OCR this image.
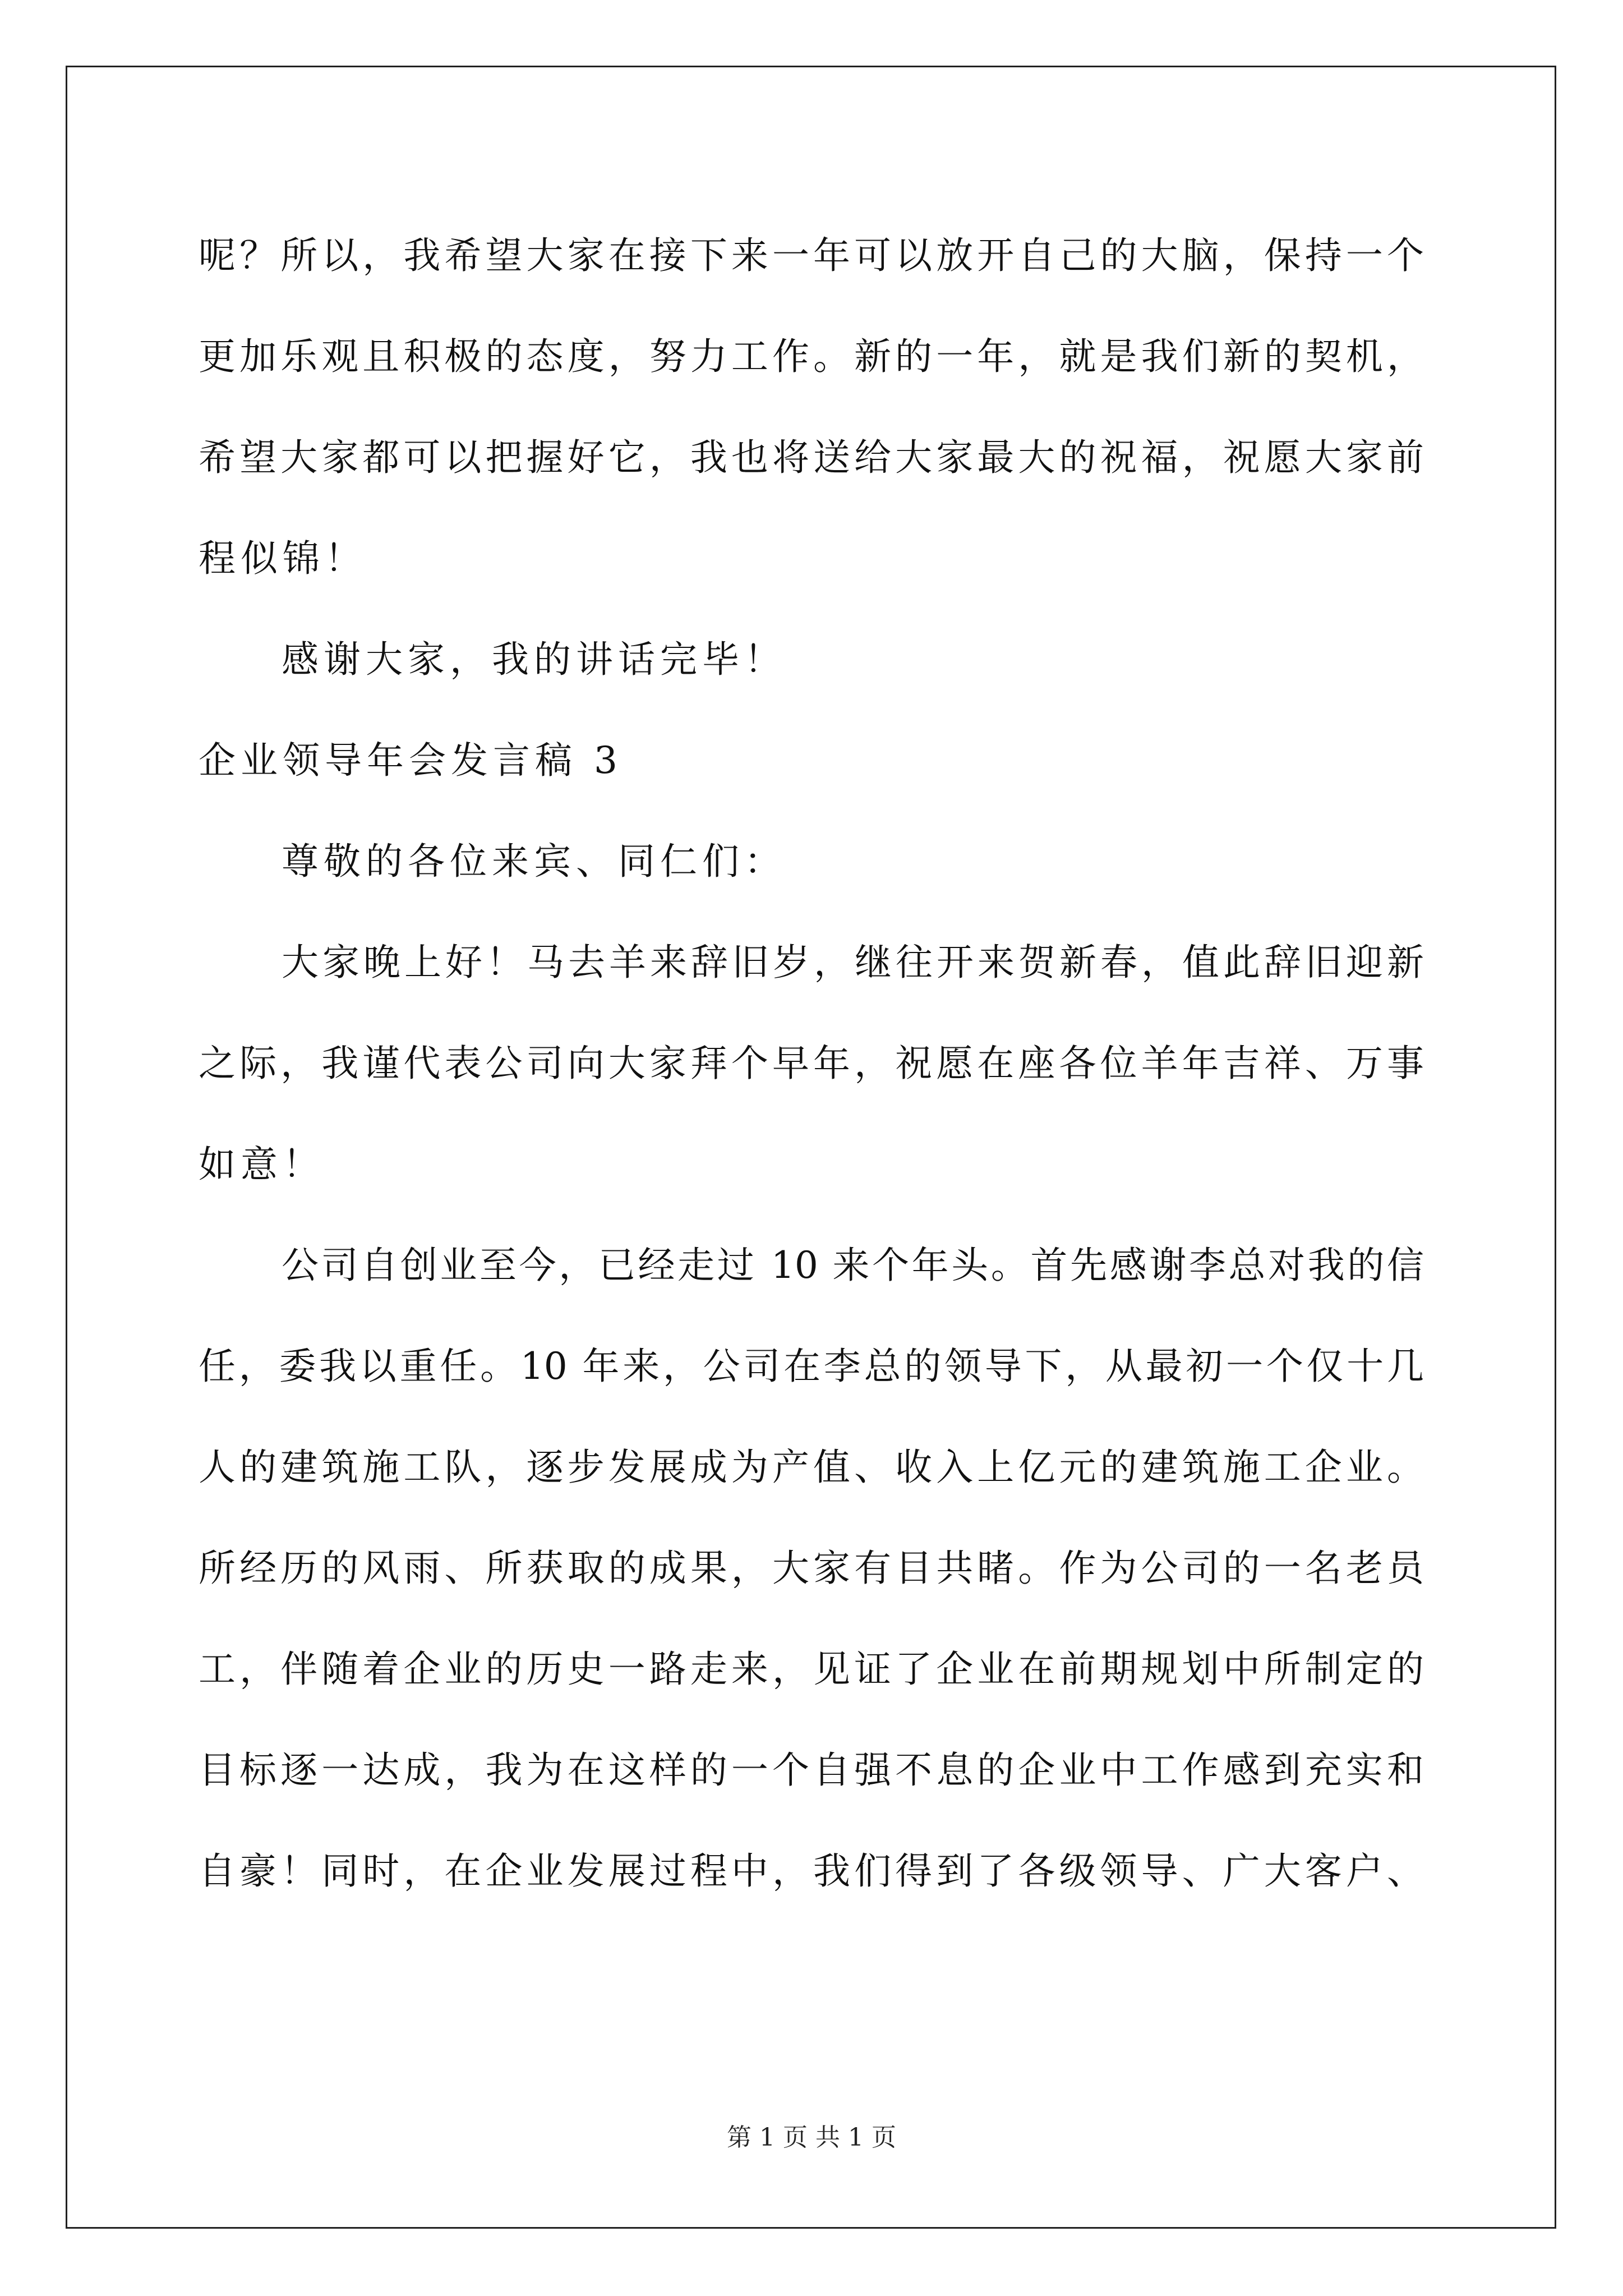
呢？所以，我希望大家在接下来一年可以放开自己的大脑，保持一个
更加乐观且积极的态度，努力工作。新的一年，就是我们新的契机，
希望大家都可以把握好它，我也将送给大家最大的祝福，祝愿大家前
程似锦！
感谢大家，我的讲话完毕！
企业领导年会发言稿 3
尊敬的各位来宾、同仁们：
大家晚上好！马去羊来辞旧岁，继往开来贺新春，值此辞旧迎新
之际，我谨代表公司向大家拜个早年，祝愿在座各位羊年吉祥、万事
如意！
公司自创业至今，已经走过 10 来个年头。首先感谢李总对我的信
任，委我以重任。10 年来，公司在李总的领导下，从最初一个仅十几
人的建筑施工队，逐步发展成为产值、收入上亿元的建筑施工企业。
所经历的风雨、所获取的成果，大家有目共睹。作为公司的一名老员
工，伴随着企业的历史一路走来，见证了企业在前期规划中所制定的
目标逐一达成，我为在这样的一个自强不息的企业中工作感到充实和
自豪！同时，在企业发展过程中，我们得到了各级领导、广大客户、
第 1 页 共 1 页
